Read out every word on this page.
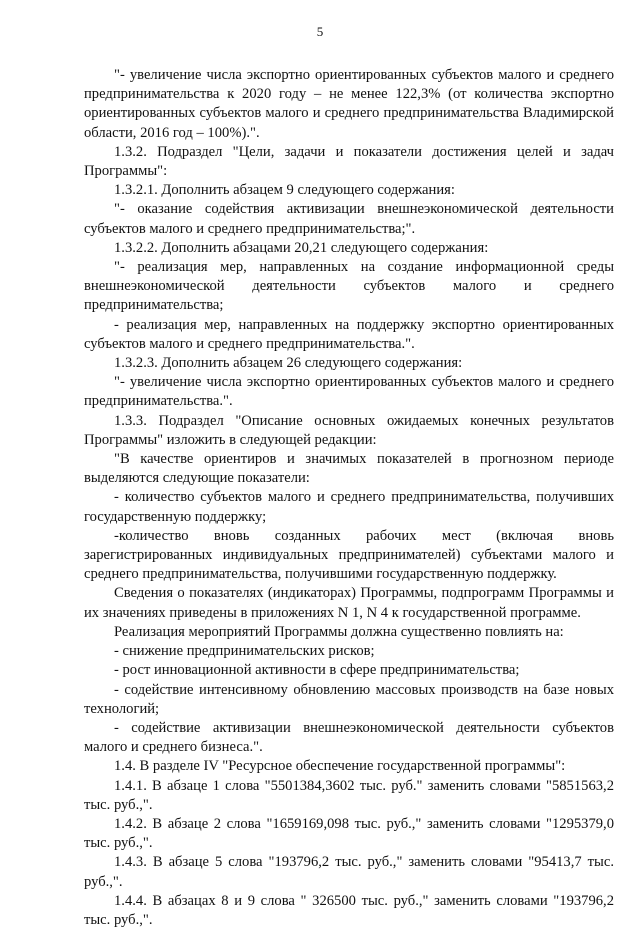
5

"- увеличение числа экспортно ориентированных субъектов малого и среднего предпринимательства к 2020 году – не менее 122,3% (от количества экспортно ориентированных субъектов малого и среднего предпринимательства Владимирской области, 2016 год – 100%).".

1.3.2. Подраздел "Цели, задачи и показатели достижения целей и задач Программы":

1.3.2.1. Дополнить абзацем 9 следующего содержания:

"- оказание содействия активизации внешнеэкономической деятельности субъектов малого и среднего предпринимательства;".

1.3.2.2. Дополнить абзацами 20,21 следующего содержания:

"- реализация мер, направленных на создание информационной среды внешнеэкономической деятельности субъектов малого и среднего предпринимательства;

- реализация мер, направленных на поддержку экспортно ориентированных субъектов малого и среднего предпринимательства.".

1.3.2.3. Дополнить абзацем 26 следующего содержания:

"- увеличение числа экспортно ориентированных субъектов малого и среднего предпринимательства.".

1.3.3. Подраздел "Описание основных ожидаемых конечных результатов Программы" изложить в следующей редакции:

"В качестве ориентиров и значимых показателей в прогнозном периоде выделяются следующие показатели:

- количество субъектов малого и среднего предпринимательства, получивших государственную поддержку;

-количество вновь созданных рабочих мест (включая вновь зарегистрированных индивидуальных предпринимателей) субъектами малого и среднего предпринимательства, получившими государственную поддержку.

Сведения о показателях (индикаторах) Программы, подпрограмм Программы и их значениях приведены в приложениях N 1, N 4 к государственной программе.

Реализация мероприятий Программы должна существенно повлиять на:

- снижение предпринимательских рисков;

- рост инновационной активности в сфере предпринимательства;

- содействие интенсивному обновлению массовых производств на базе новых технологий;

- содействие активизации внешнеэкономической деятельности субъектов малого и среднего бизнеса.".

1.4. В разделе IV "Ресурсное обеспечение государственной программы":

1.4.1. В абзаце 1 слова "5501384,3602 тыс. руб." заменить словами "5851563,2 тыс. руб.,".

1.4.2. В абзаце 2 слова "1659169,098 тыс. руб.," заменить словами "1295379,0 тыс. руб.,".

1.4.3. В абзаце 5 слова "193796,2 тыс. руб.," заменить словами "95413,7 тыс. руб.,".

1.4.4. В абзацах 8 и 9 слова " 326500 тыс. руб.," заменить словами "193796,2 тыс. руб.,".
